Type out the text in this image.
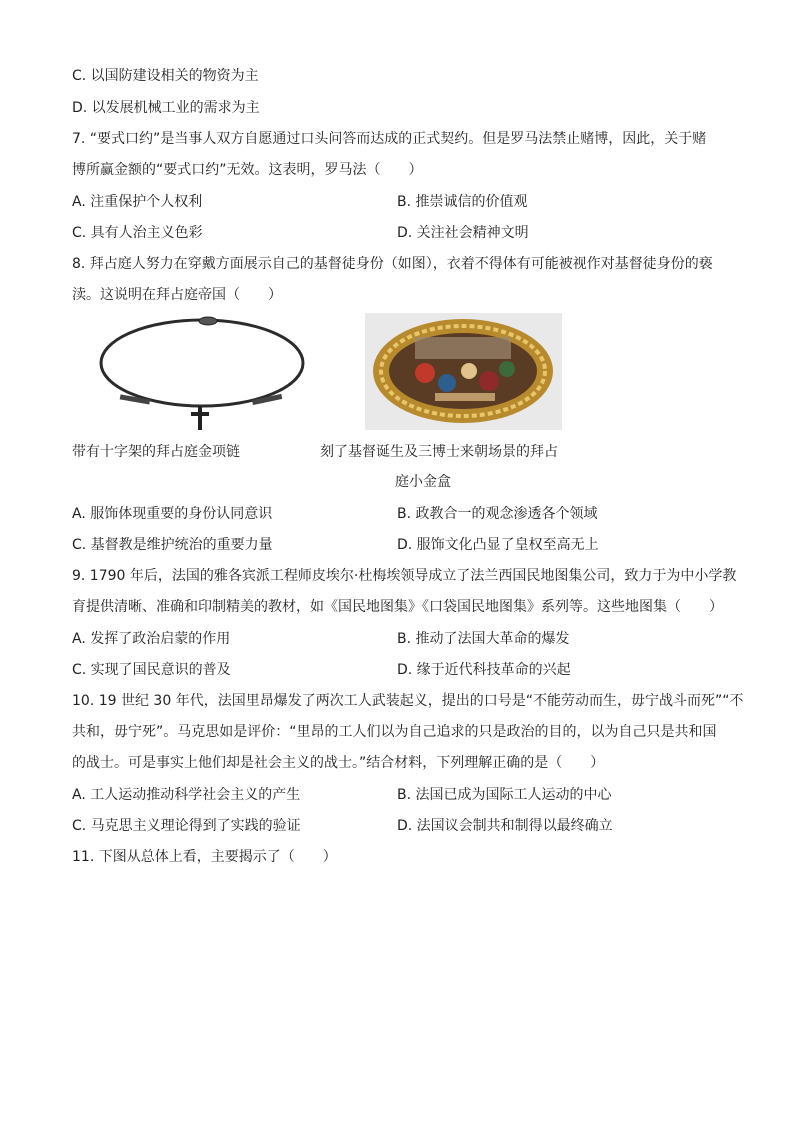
C. 以国防建设相关的物资为主
D. 以发展机械工业的需求为主
7. “要式口约”是当事人双方自愿通过口头问答而达成的正式契约。但是罗马法禁止赌博，因此，关于赌
博所赢金额的“要式口约”无效。这表明，罗马法（　　）
A. 注重保护个人权利	B. 推崇诚信的价值观
C. 具有人治主义色彩	D. 关注社会精神文明
8. 拜占庭人努力在穿戴方面展示自己的基督徒身份（如图），衣着不得体有可能被视作对基督徒身份的亵
渎。这说明在拜占庭帝国（　　）
带有十字架的拜占庭金项链	刻了基督诞生及三博士来朝场景的拜占
庭小金盒
A. 服饰体现重要的身份认同意识	B. 政教合一的观念渗透各个领域
C. 基督教是维护统治的重要力量	D. 服饰文化凸显了皇权至高无上
9. 1790 年后，法国的雅各宾派工程师皮埃尔·杜梅埃领导成立了法兰西国民地图集公司，致力于为中小学教
育提供清晰、准确和印制精美的教材，如《国民地图集》《口袋国民地图集》系列等。这些地图集（　　）
A. 发挥了政治启蒙的作用	B. 推动了法国大革命的爆发
C. 实现了国民意识的普及	D. 缘于近代科技革命的兴起
10. 19 世纪 30 年代，法国里昂爆发了两次工人武装起义，提出的口号是“不能劳动而生，毋宁战斗而死”“不
共和，毋宁死”。马克思如是评价：“里昂的工人们以为自己追求的只是政治的目的，以为自己只是共和国
的战士。可是事实上他们却是社会主义的战士。”结合材料，下列理解正确的是（　　）
A. 工人运动推动科学社会主义的产生	B. 法国已成为国际工人运动的中心
C. 马克思主义理论得到了实践的验证	D. 法国议会制共和制得以最终确立
11. 下图从总体上看，主要揭示了（　　）
